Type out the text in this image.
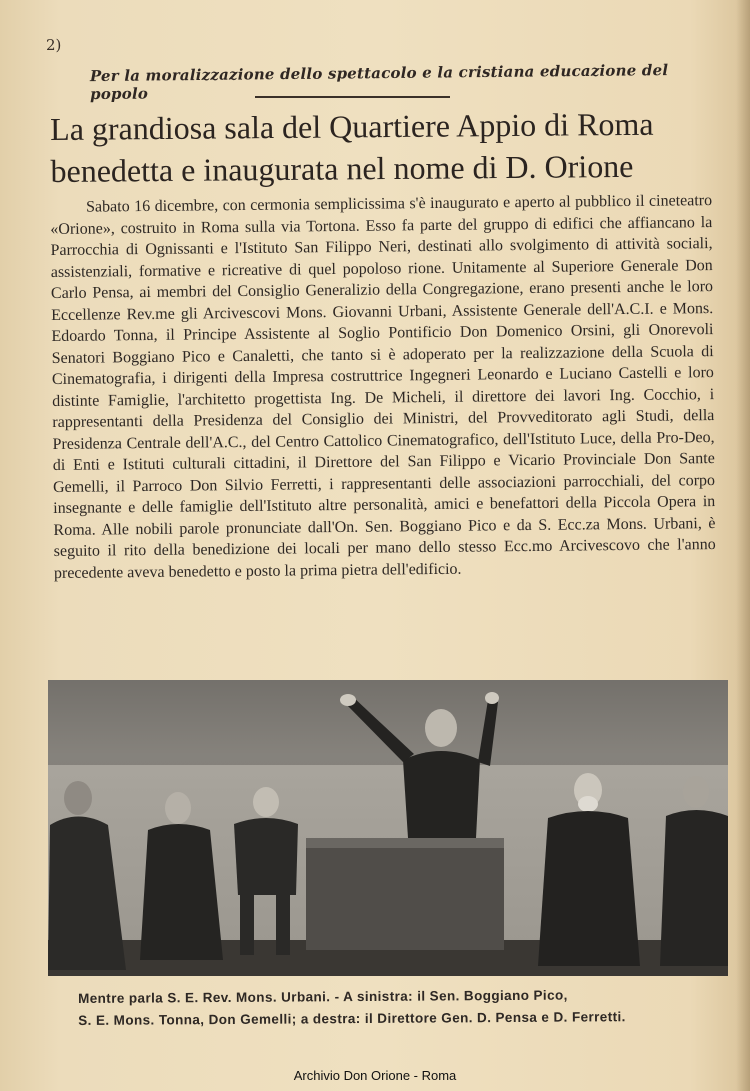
2)
Per la moralizzazione dello spettacolo e la cristiana educazione del popolo
La grandiosa sala del Quartiere Appio di Roma
benedetta e inaugurata nel nome di D. Orione

Sabato 16 dicembre, con cermonia semplicissima s'è inaugurato e aperto al pubblico il cineteatro «Orione», costruito in Roma sulla via Tortona. Esso fa parte del gruppo di edifici che affiancano la Parrocchia di Ognissanti e l'Istituto San Filippo Neri, destinati allo svolgimento di attività sociali, assistenziali, formative e ricreative di quel popoloso rione. Unitamente al Superiore Generale Don Carlo Pensa, ai membri del Consiglio Generalizio della Congregazione, erano presenti anche le loro Eccellenze Rev.me gli Arcivescovi Mons. Giovanni Urbani, Assistente Generale dell'A.C.I. e Mons. Edoardo Tonna, il Principe Assistente al Soglio Pontificio Don Domenico Orsini, gli Onorevoli Senatori Boggiano Pico e Canaletti, che tanto si è adoperato per la realizzazione della Scuola di Cinematografia, i dirigenti della Impresa costruttrice Ingegneri Leonardo e Luciano Castelli e loro distinte Famiglie, l'architetto progettista Ing. De Micheli, il direttore dei lavori Ing. Cocchio, i rappresentanti della Presidenza del Consiglio dei Ministri, del Provveditorato agli Studi, della Presidenza Centrale dell'A.C., del Centro Cattolico Cinematografico, dell'Istituto Luce, della Pro-Deo, di Enti e Istituti culturali cittadini, il Direttore del San Filippo e Vicario Provinciale Don Sante Gemelli, il Parroco Don Silvio Ferretti, i rappresentanti delle associazioni parrocchiali, del corpo insegnante e delle famiglie dell'Istituto altre personalità, amici e benefattori della Piccola Opera in Roma. Alle nobili parole pronunciate dall'On. Sen. Boggiano Pico e da S. Ecc.za Mons. Urbani, è seguito il rito della benedizione dei locali per mano dello stesso Ecc.mo Arcivescovo che l'anno precedente aveva benedetto e posto la prima pietra dell'edificio.

Mentre parla S. E. Rev. Mons. Urbani. - A sinistra: il Sen. Boggiano Pico,
S. E. Mons. Tonna, Don Gemelli; a destra: il Direttore Gen. D. Pensa e D. Ferretti.
Archivio Don Orione - Roma
